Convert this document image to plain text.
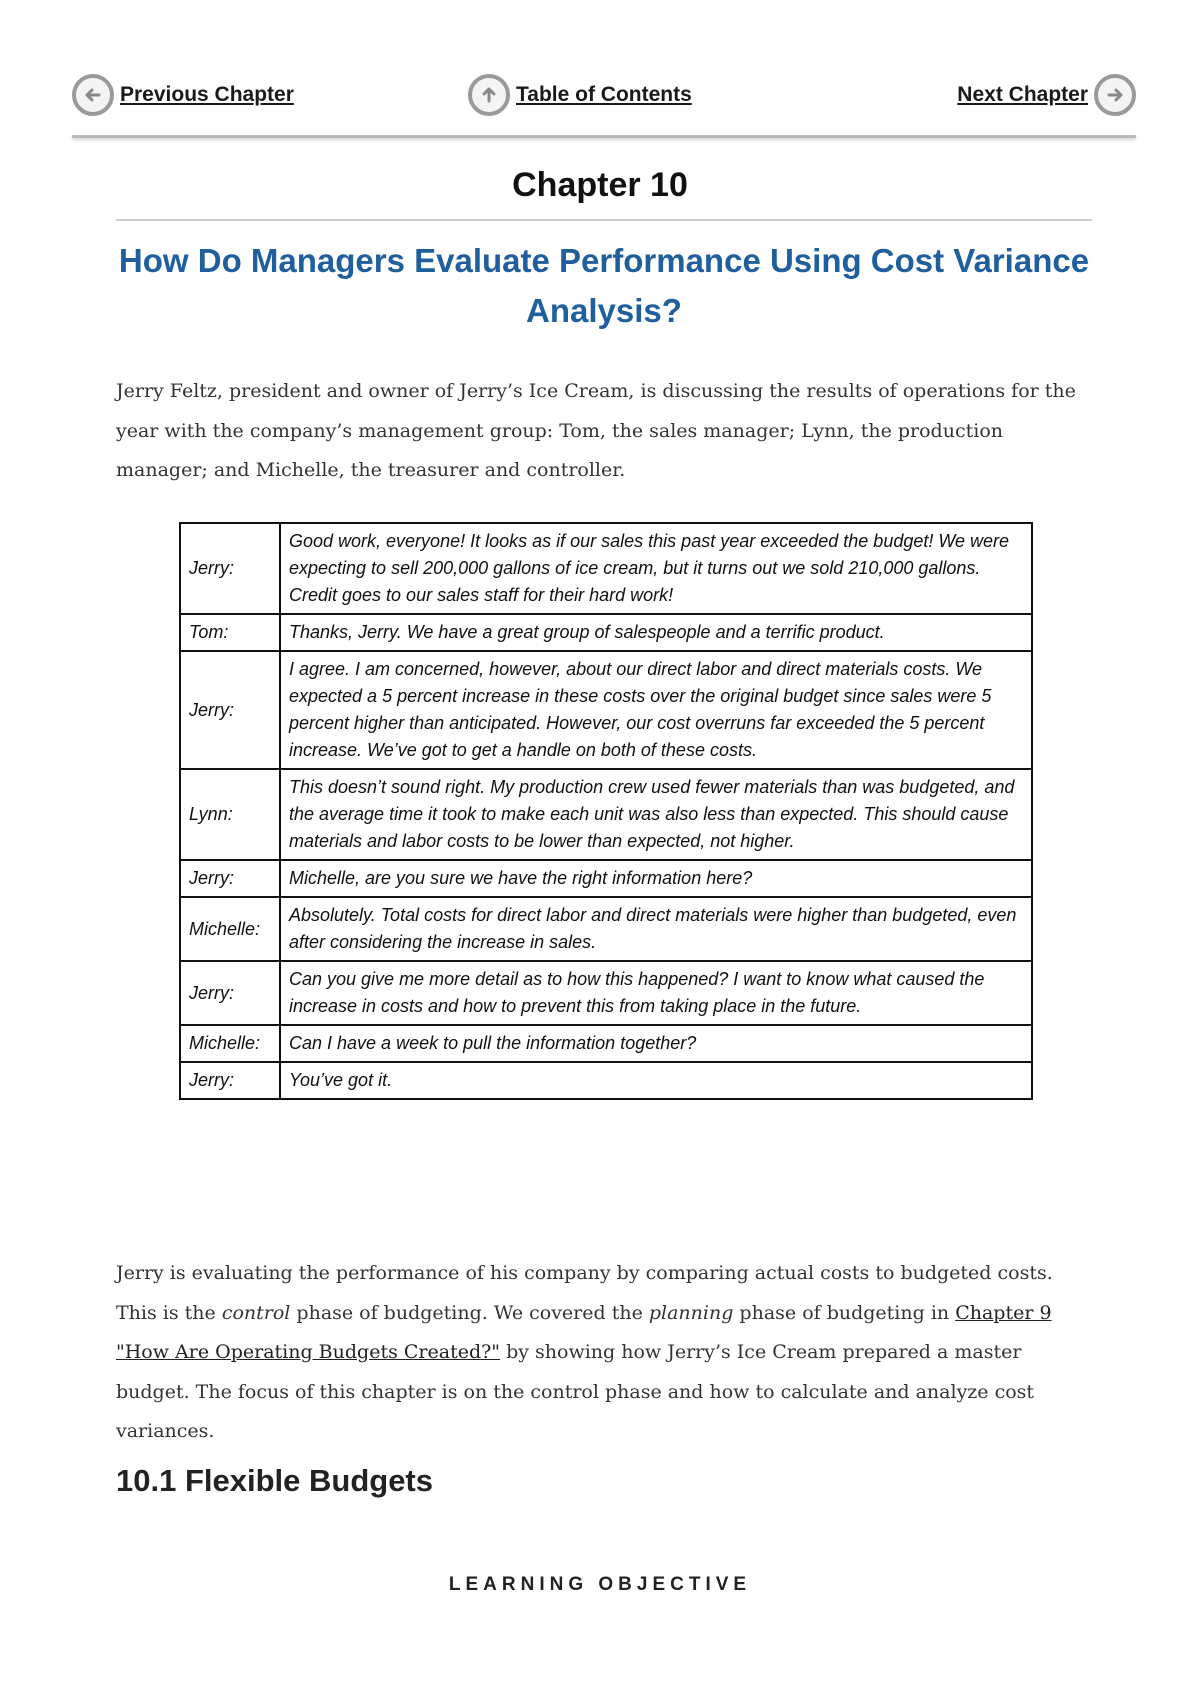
Previous Chapter	Table of Contents	Next Chapter
Chapter 10
How Do Managers Evaluate Performance Using Cost Variance Analysis?

Jerry Feltz, president and owner of Jerry’s Ice Cream, is discussing the results of operations for the year with the company’s management group: Tom, the sales manager; Lynn, the production manager; and Michelle, the treasurer and controller.

Jerry:	Good work, everyone! It looks as if our sales this past year exceeded the budget! We were expecting to sell 200,000 gallons of ice cream, but it turns out we sold 210,000 gallons. Credit goes to our sales staff for their hard work!
Tom:	Thanks, Jerry. We have a great group of salespeople and a terrific product.
Jerry:	I agree. I am concerned, however, about our direct labor and direct materials costs. We expected a 5 percent increase in these costs over the original budget since sales were 5 percent higher than anticipated. However, our cost overruns far exceeded the 5 percent increase. We’ve got to get a handle on both of these costs.
Lynn:	This doesn’t sound right. My production crew used fewer materials than was budgeted, and the average time it took to make each unit was also less than expected. This should cause materials and labor costs to be lower than expected, not higher.
Jerry:	Michelle, are you sure we have the right information here?
Michelle:	Absolutely. Total costs for direct labor and direct materials were higher than budgeted, even after considering the increase in sales.
Jerry:	Can you give me more detail as to how this happened? I want to know what caused the increase in costs and how to prevent this from taking place in the future.
Michelle:	Can I have a week to pull the information together?
Jerry:	You’ve got it.

Jerry is evaluating the performance of his company by comparing actual costs to budgeted costs. This is the control phase of budgeting. We covered the planning phase of budgeting in Chapter 9 "How Are Operating Budgets Created?" by showing how Jerry’s Ice Cream prepared a master budget. The focus of this chapter is on the control phase and how to calculate and analyze cost variances.

10.1 Flexible Budgets
LEARNING OBJECTIVE
